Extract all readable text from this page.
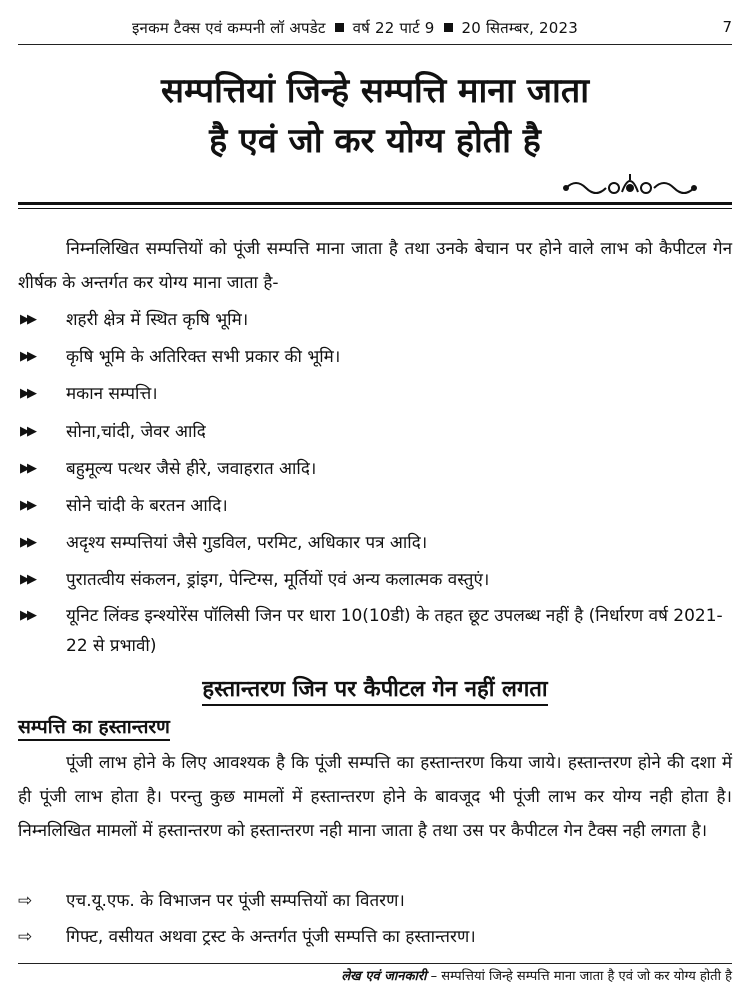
इनकम टैक्स एवं कम्पनी लॉ अपडेट वर्ष 22 पार्ट 9 20 सितम्बर, 2023	7
सम्पत्तियां जिन्हे सम्पत्ति माना जाता
है एवं जो कर योग्य होती है
निम्नलिखित सम्पत्तियों को पूंजी सम्पत्ति माना जाता है तथा उनके बेचान पर होने वाले लाभ को कैपीटल गेन शीर्षक के अन्तर्गत कर योग्य माना जाता है-
▶▶	शहरी क्षेत्र में स्थित कृषि भूमि।
▶▶	कृषि भूमि के अतिरिक्त सभी प्रकार की भूमि।
▶▶	मकान सम्पत्ति।
▶▶	सोना,चांदी, जेवर आदि
▶▶	बहुमूल्य पत्थर जैसे हीरे, जवाहरात आदि।
▶▶	सोने चांदी के बरतन आदि।
▶▶	अदृश्य सम्पत्तियां जैसे गुडविल, परमिट, अधिकार पत्र आदि।
▶▶	पुरातत्वीय संकलन, ड्रांइग, पेन्टिग्स, मूर्तियों एवं अन्य कलात्मक वस्तुएं।
▶▶	यूनिट लिंक्ड इन्श्योरेंस पॉलिसी जिन पर धारा 10(10डी) के तहत छूट उपलब्ध नहीं है (निर्धारण वर्ष 2021-22 से प्रभावी)
हस्तान्तरण जिन पर कैपीटल गेन नहीं लगता
सम्पत्ति का हस्तान्तरण
पूंजी लाभ होने के लिए आवश्यक है कि पूंजी सम्पत्ति का हस्तान्तरण किया जाये। हस्तान्तरण होने की दशा में ही पूंजी लाभ होता है। परन्तु कुछ मामलों में हस्तान्तरण होने के बावजूद भी पूंजी लाभ कर योग्य नही होता है।निम्नलिखित मामलों में हस्तान्तरण को हस्तान्तरण नही माना जाता है तथा उस पर कैपीटल गेन टैक्स नही लगता है।
⇨ एच.यू.एफ. के विभाजन पर पूंजी सम्पत्तियों का वितरण।
⇨ गिफ्ट, वसीयत अथवा ट्रस्ट के अन्तर्गत पूंजी सम्पत्ति का हस्तान्तरण।
लेख एवं जानकारी – सम्पत्तियां जिन्हे सम्पत्ति माना जाता है एवं जो कर योग्य होती है
